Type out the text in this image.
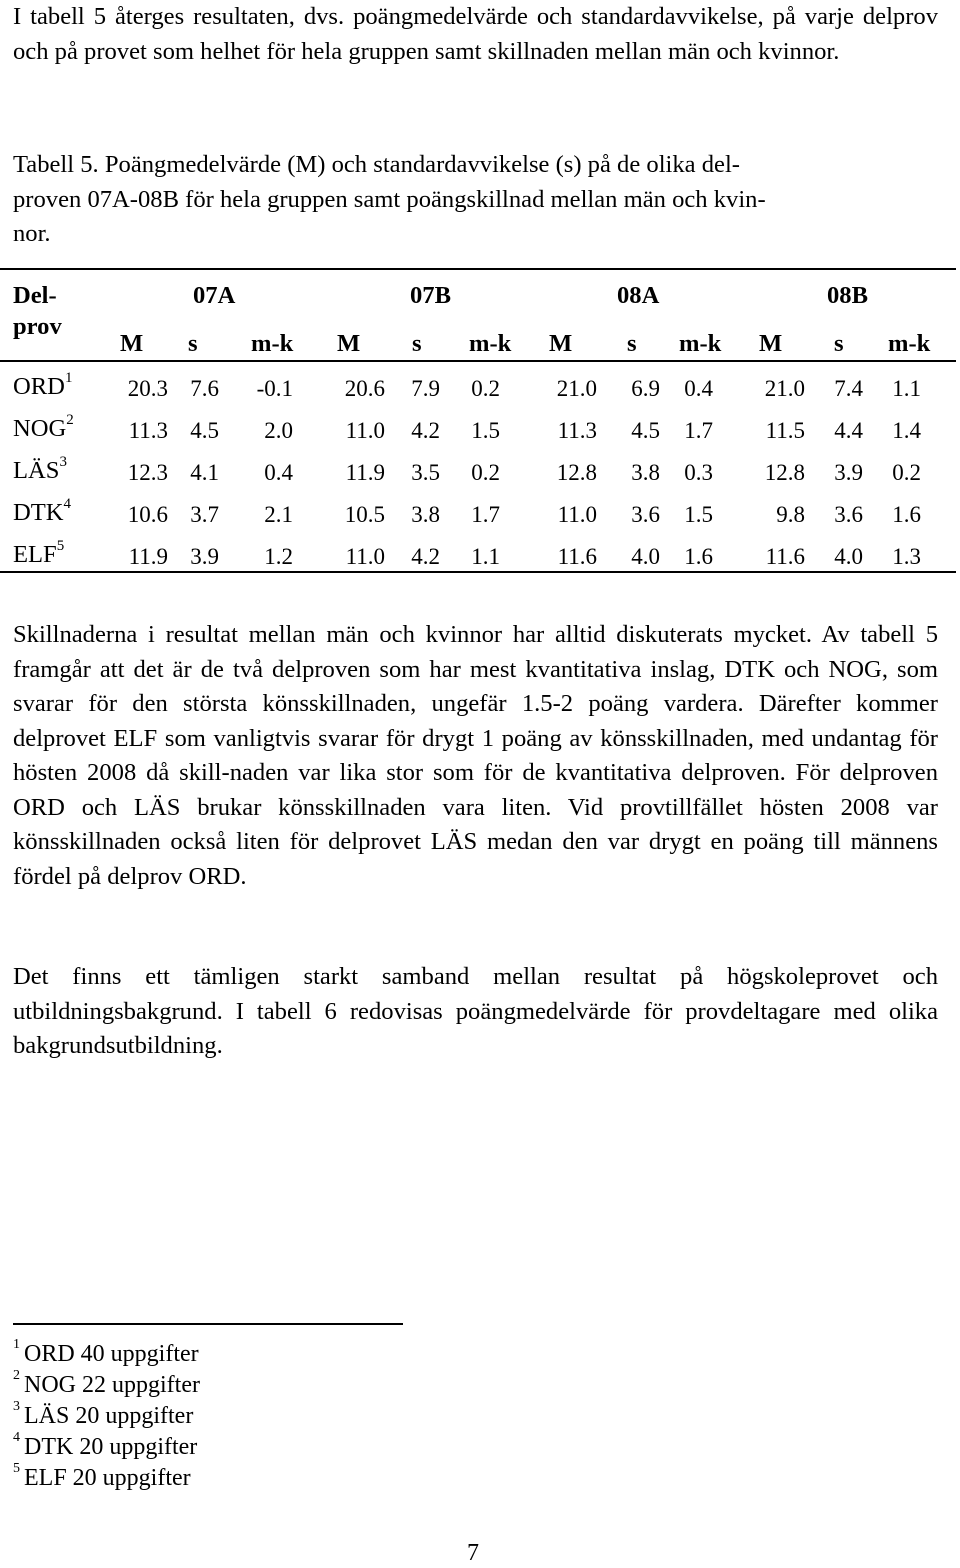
I tabell 5 återges resultaten, dvs. poängmedelvärde och standardavvikelse, på varje delprov och på provet som helhet för hela gruppen samt skillnaden mellan män och kvinnor.

Tabell 5. Poängmedelvärde (M) och standardavvikelse (s) på de olika del-
proven 07A-08B för hela gruppen samt poängskillnad mellan män och kvin-
nor.

Del-
prov
07A	07B	08A	08B
M s m-k M s m-k M s m-k M s m-k
ORD$^1$ 20.3 7.6 -0.1 20.6 7.9 0.2 21.0 6.9 0.4 21.0 7.4 1.1
NOG$^2$ 11.3 4.5 2.0 11.0 4.2 1.5	11.3 4.5 1.7 11.5 4.4 1.4
LÄS$^3$	12.3 4.1 0.4 11.9 3.5 0.2 12.8 3.8 0.3 12.8 3.9 0.2
DTK$^4$ 10.6 3.7 2.1 10.5 3.8 1.7	11.0 3.6 1.5	9.8 3.6 1.6
ELF$^5$	11.9 3.9 1.2 11.0 4.2 1.1	11.6 4.0 1.6 11.6 4.0 1.3

Skillnaderna i resultat mellan män och kvinnor har alltid diskuterats mycket. Av tabell 5 framgår att det är de två delproven som har mest kvantitativa inslag, DTK och NOG, som svarar för den största könsskillnaden, ungefär 1.5-2 poäng vardera. Därefter kommer delprovet ELF som vanligtvis svarar för drygt 1 poäng av könsskillnaden, med undantag för hösten 2008 då skill-naden var lika stor som för de kvantitativa delproven. För delproven ORD och LÄS brukar könsskillnaden vara liten. Vid provtillfället hösten 2008 var könsskillnaden också liten för delprovet LÄS medan den var drygt en poäng till männens fördel på delprov ORD.

Det finns ett tämligen starkt samband mellan resultat på högskoleprovet och utbildningsbakgrund. I tabell 6 redovisas poängmedelvärde för provdeltagare med olika bakgrundsutbildning.

$^1$ ORD 40 uppgifter
$^2$ NOG 22 uppgifter
$^3$ LÄS 20 uppgifter
$^4$ DTK 20 uppgifter
$^5$ ELF 20 uppgifter
7
